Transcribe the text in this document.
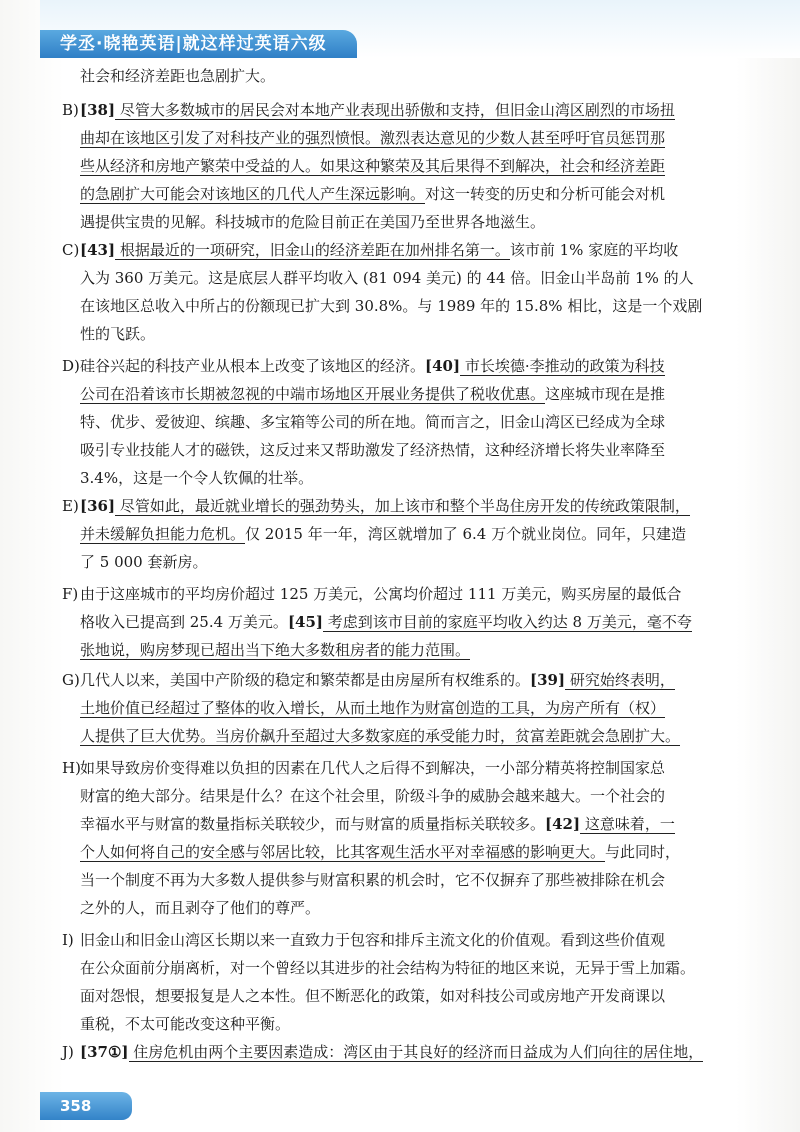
学丞·晓艳英语|就这样过英语六级
社会和经济差距也急剧扩大。
B) [38] 尽管大多数城市的居民会对本地产业表现出骄傲和支持，但旧金山湾区剧烈的市场扭
曲却在该地区引发了对科技产业的强烈愤恨。激烈表达意见的少数人甚至呼吁官员惩罚那
些从经济和房地产繁荣中受益的人。如果这种繁荣及其后果得不到解决，社会和经济差距
的急剧扩大可能会对该地区的几代人产生深远影响。对这一转变的历史和分析可能会对机
遇提供宝贵的见解。科技城市的危险目前正在美国乃至世界各地滋生。
C) [43] 根据最近的一项研究，旧金山的经济差距在加州排名第一。该市前 1% 家庭的平均收
入为 360 万美元。这是底层人群平均收入 (81 094 美元) 的 44 倍。旧金山半岛前 1% 的人
在该地区总收入中所占的份额现已扩大到 30.8%。与 1989 年的 15.8% 相比，这是一个戏剧
性的飞跃。
D) 硅谷兴起的科技产业从根本上改变了该地区的经济。[40] 市长埃德·李推动的政策为科技
公司在沿着该市长期被忽视的中端市场地区开展业务提供了税收优惠。这座城市现在是推
特、优步、爱彼迎、缤趣、多宝箱等公司的所在地。简而言之，旧金山湾区已经成为全球
吸引专业技能人才的磁铁，这反过来又帮助激发了经济热情，这种经济增长将失业率降至
3.4%，这是一个令人钦佩的壮举。
E) [36] 尽管如此，最近就业增长的强劲势头，加上该市和整个半岛住房开发的传统政策限制，
并未缓解负担能力危机。仅 2015 年一年，湾区就增加了 6.4 万个就业岗位。同年，只建造
了 5 000 套新房。
F) 由于这座城市的平均房价超过 125 万美元，公寓均价超过 111 万美元，购买房屋的最低合
格收入已提高到 25.4 万美元。[45] 考虑到该市目前的家庭平均收入约达 8 万美元，毫不夸
张地说，购房梦现已超出当下绝大多数租房者的能力范围。
G) 几代人以来，美国中产阶级的稳定和繁荣都是由房屋所有权维系的。[39] 研究始终表明，
土地价值已经超过了整体的收入增长，从而土地作为财富创造的工具，为房产所有（权）
人提供了巨大优势。当房价飙升至超过大多数家庭的承受能力时，贫富差距就会急剧扩大。
H) 如果导致房价变得难以负担的因素在几代人之后得不到解决，一小部分精英将控制国家总
财富的绝大部分。结果是什么？在这个社会里，阶级斗争的威胁会越来越大。一个社会的
幸福水平与财富的数量指标关联较少，而与财富的质量指标关联较多。[42] 这意味着，一
个人如何将自己的安全感与邻居比较，比其客观生活水平对幸福感的影响更大。与此同时，
当一个制度不再为大多数人提供参与财富积累的机会时，它不仅摒弃了那些被排除在机会
之外的人，而且剥夺了他们的尊严。
I) 旧金山和旧金山湾区长期以来一直致力于包容和排斥主流文化的价值观。看到这些价值观
在公众面前分崩离析，对一个曾经以其进步的社会结构为特征的地区来说，无异于雪上加霜。
面对怨恨，想要报复是人之本性。但不断恶化的政策，如对科技公司或房地产开发商课以
重税，不太可能改变这种平衡。
J) [37①] 住房危机由两个主要因素造成：湾区由于其良好的经济而日益成为人们向往的居住地，
358
